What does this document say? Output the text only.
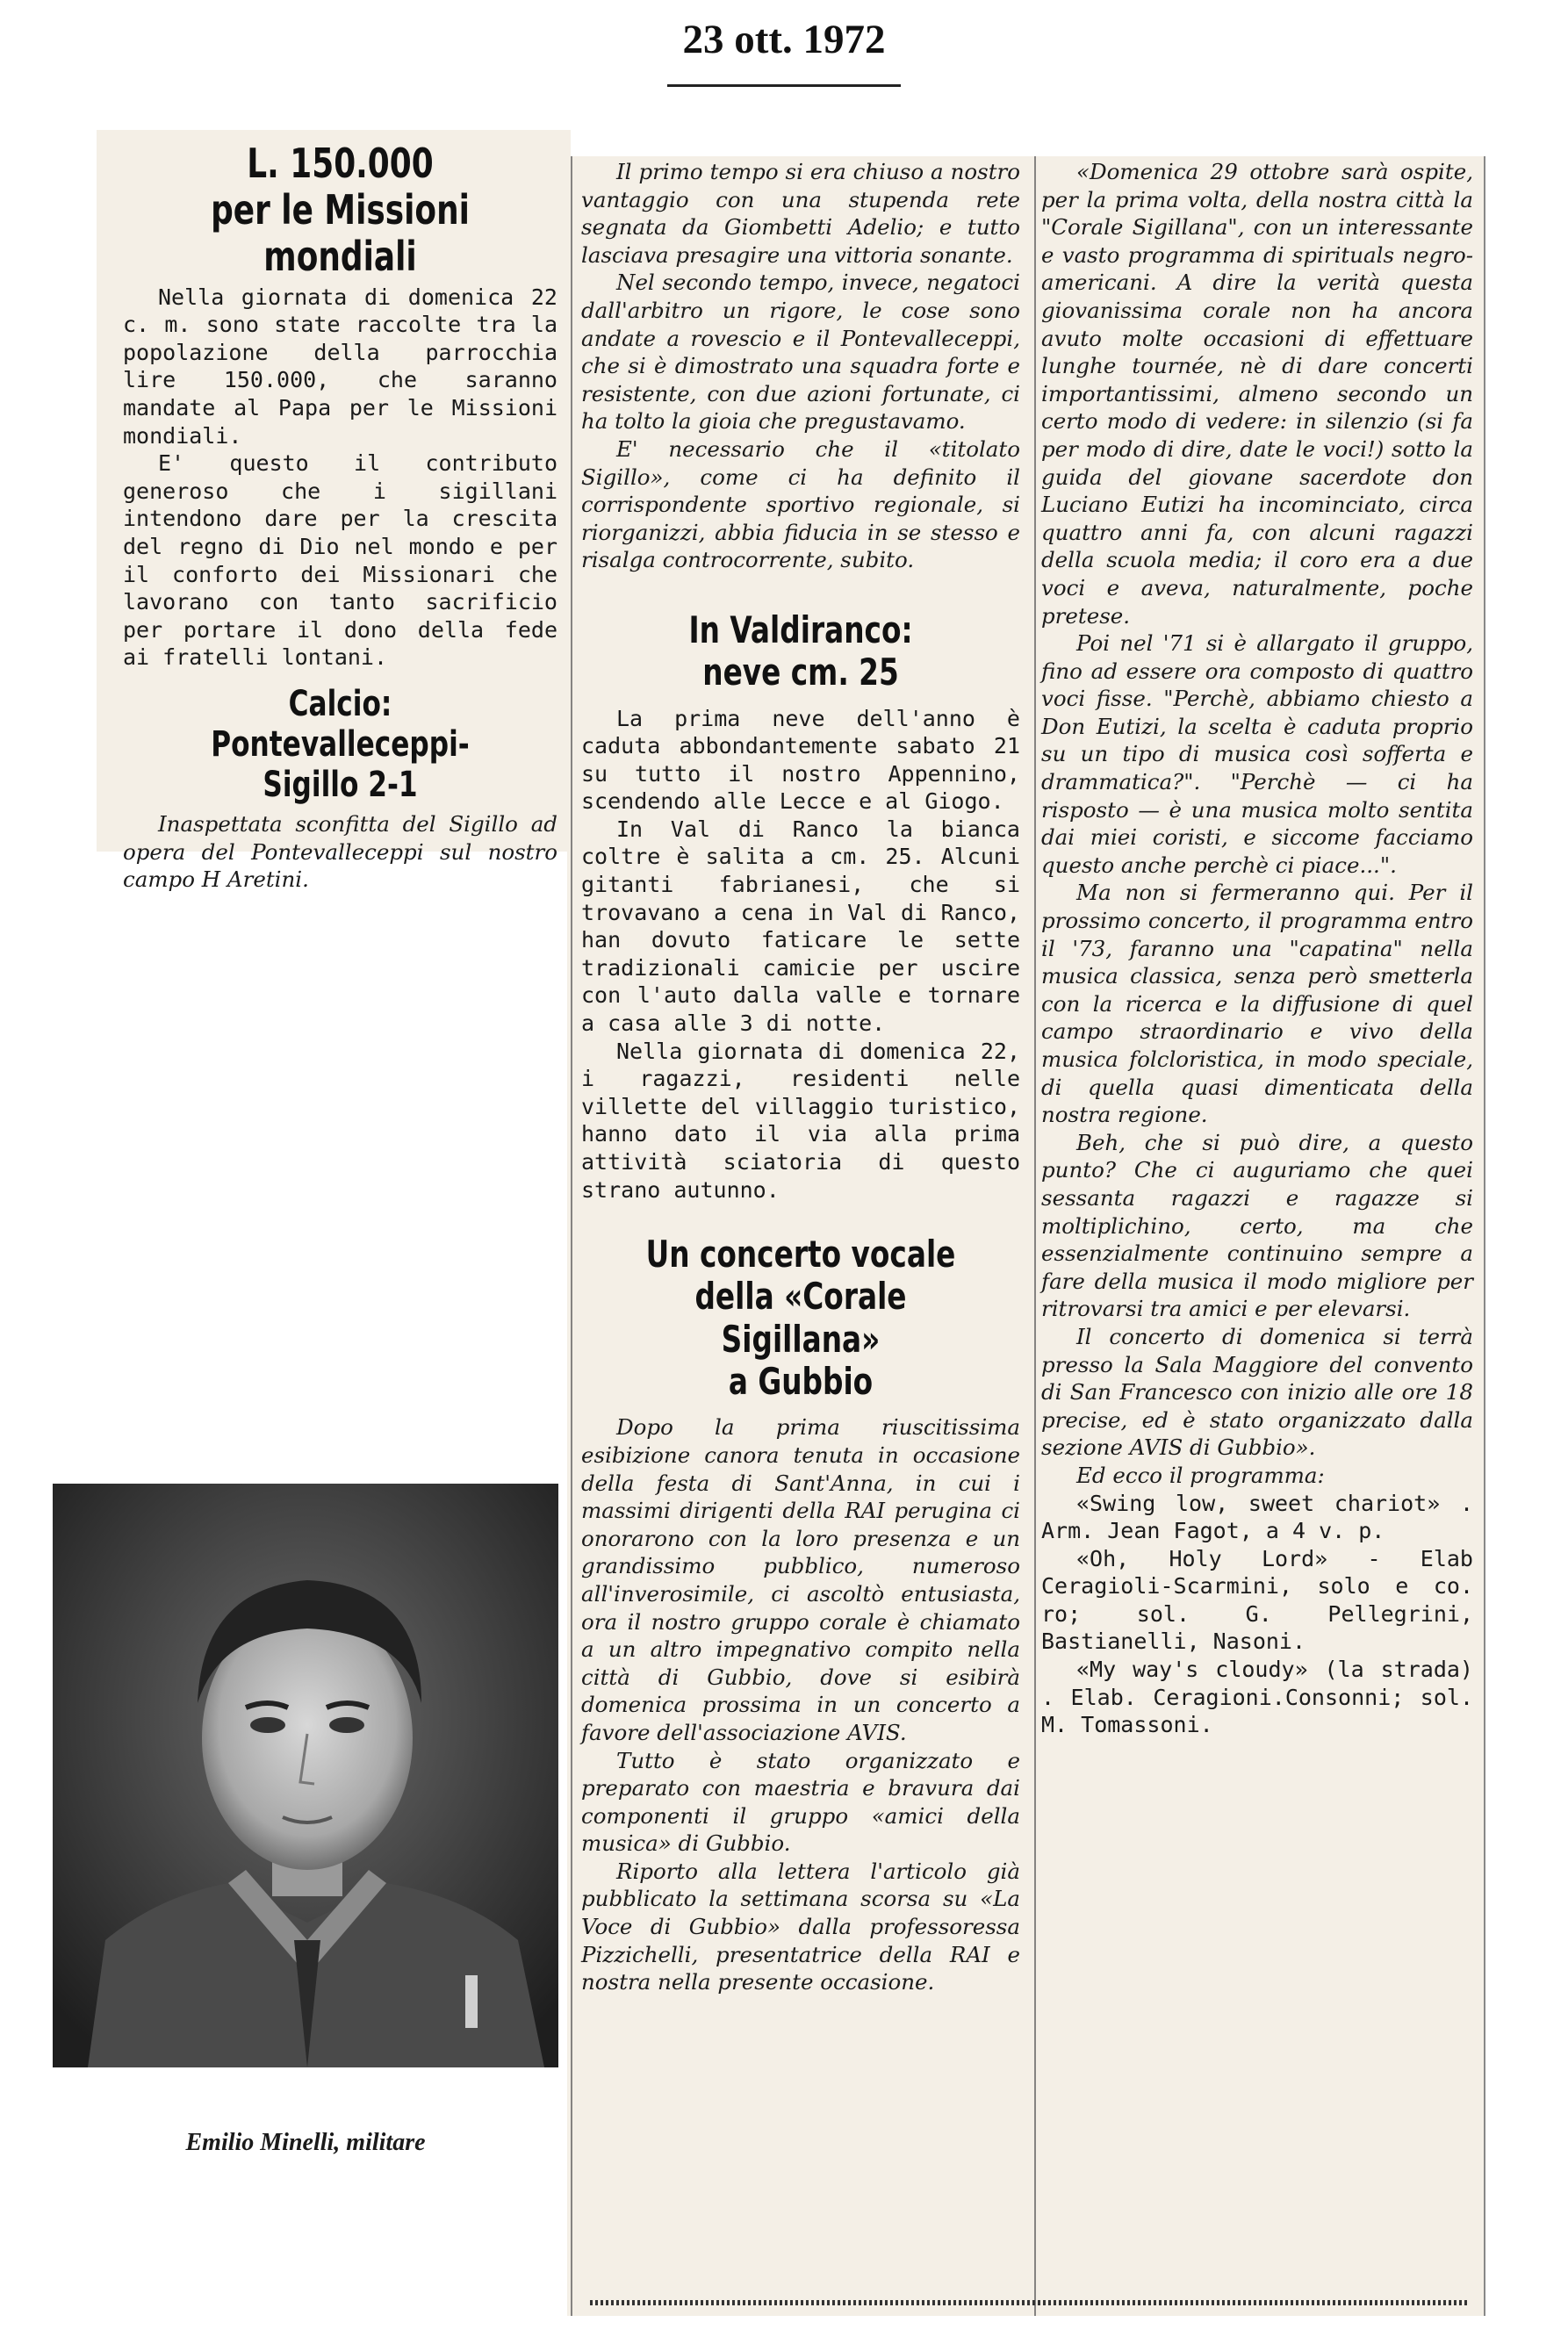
23 ott. 1972
L. 150.000
per le Missioni mondiali
Nella giornata di domenica 22 c. m. sono state raccolte tra la popolazione della parrocchia lire 150.000, che saranno mandate al Papa per le Missioni mondiali.
E' questo il contributo generoso che i sigillani intendono dare per la crescita del regno di Dio nel mondo e per il conforto dei Missionari che lavorano con tanto sacrificio per portare il dono della fede ai fratelli lontani.
Calcio:
Pontevalleceppi-Sigillo 2-1
Inaspettata sconfitta del Sigillo ad opera del Pontevalleceppi sul nostro campo H Aretini.
Emilio Minelli, militare
Il primo tempo si era chiuso a nostro vantaggio con una stupenda rete segnata da Giombetti Adelio; e tutto lasciava presagire una vittoria sonante.
Nel secondo tempo, invece, negatoci dall'arbitro un rigore, le cose sono andate a rovescio e il Pontevalleceppi, che si è dimostrato una squadra forte e resistente, con due azioni fortunate, ci ha tolto la gioia che pregustavamo.
E' necessario che il «titolato Sigillo», come ci ha definito il corrispondente sportivo regionale, si riorganizzi, abbia fiducia in se stesso e risalga controcorrente, subito.
In Valdiranco:
neve cm. 25
La prima neve dell'anno è caduta abbondantemente sabato 21 su tutto il nostro Appennino, scendendo alle Lecce e al Giogo.
In Val di Ranco la bianca coltre è salita a cm. 25. Alcuni gitanti fabrianesi, che si trovavano a cena in Val di Ranco, han dovuto faticare le sette tradizionali camicie per uscire con l'auto dalla valle e tornare a casa alle 3 di notte.
Nella giornata di domenica 22, i ragazzi, residenti nelle villette del villaggio turistico, hanno dato il via alla prima attività sciatoria di questo strano autunno.
Un concerto vocale
della «Corale Sigillana»
a Gubbio
Dopo la prima riuscitissima esibizione canora tenuta in occasione della festa di Sant'Anna, in cui i massimi dirigenti della RAI perugina ci onorarono con la loro presenza e un grandissimo pubblico, numeroso all'inverosimile, ci ascoltò entusiasta, ora il nostro gruppo corale è chiamato a un altro impegnativo compito nella città di Gubbio, dove si esibirà domenica prossima in un concerto a favore dell'associazione AVIS.
Tutto è stato organizzato e preparato con maestria e bravura dai componenti il gruppo «amici della musica» di Gubbio.
Riporto alla lettera l'articolo già pubblicato la settimana scorsa su «La Voce di Gubbio» dalla professoressa Pizzichelli, presentatrice della RAI e nostra nella presente occasione.
«Domenica 29 ottobre sarà ospite, per la prima volta, della nostra città la "Corale Sigillana", con un interessante e vasto programma di spirituals negro-americani. A dire la verità questa giovanissima corale non ha ancora avuto molte occasioni di effettuare lunghe tournée, nè di dare concerti importantissimi, almeno secondo un certo modo di vedere: in silenzio (si fa per modo di dire, date le voci!) sotto la guida del giovane sacerdote don Luciano Eutizi ha incominciato, circa quattro anni fa, con alcuni ragazzi della scuola media; il coro era a due voci e aveva, naturalmente, poche pretese.
Poi nel '71 si è allargato il gruppo, fino ad essere ora composto di quattro voci fisse. "Perchè, abbiamo chiesto a Don Eutizi, la scelta è caduta proprio su un tipo di musica così sofferta e drammatica?". "Perchè — ci ha risposto — è una musica molto sentita dai miei coristi, e siccome facciamo questo anche perchè ci piace...".
Ma non si fermeranno qui. Per il prossimo concerto, il programma entro il '73, faranno una "capatina" nella musica classica, senza però smetterla con la ricerca e la diffusione di quel campo straordinario e vivo della musica folcloristica, in modo speciale, di quella quasi dimenticata della nostra regione.
Beh, che si può dire, a questo punto? Che ci auguriamo che quei sessanta ragazzi e ragazze si moltiplichino, certo, ma che essenzialmente continuino sempre a fare della musica il modo migliore per ritrovarsi tra amici e per elevarsi.
Il concerto di domenica si terrà presso la Sala Maggiore del convento di San Francesco con inizio alle ore 18 precise, ed è stato organizzato dalla sezione AVIS di Gubbio».
Ed ecco il programma:
«Swing low, sweet chariot» . Arm. Jean Fagot, a 4 v. p.
«Oh, Holy Lord» - Elab Ceragioli-Scarmini, solo e co. ro; sol. G. Pellegrini, Bastianelli, Nasoni.
«My way's cloudy» (la strada) . Elab. Ceragioni.Consonni; sol. M. Tomassoni.
